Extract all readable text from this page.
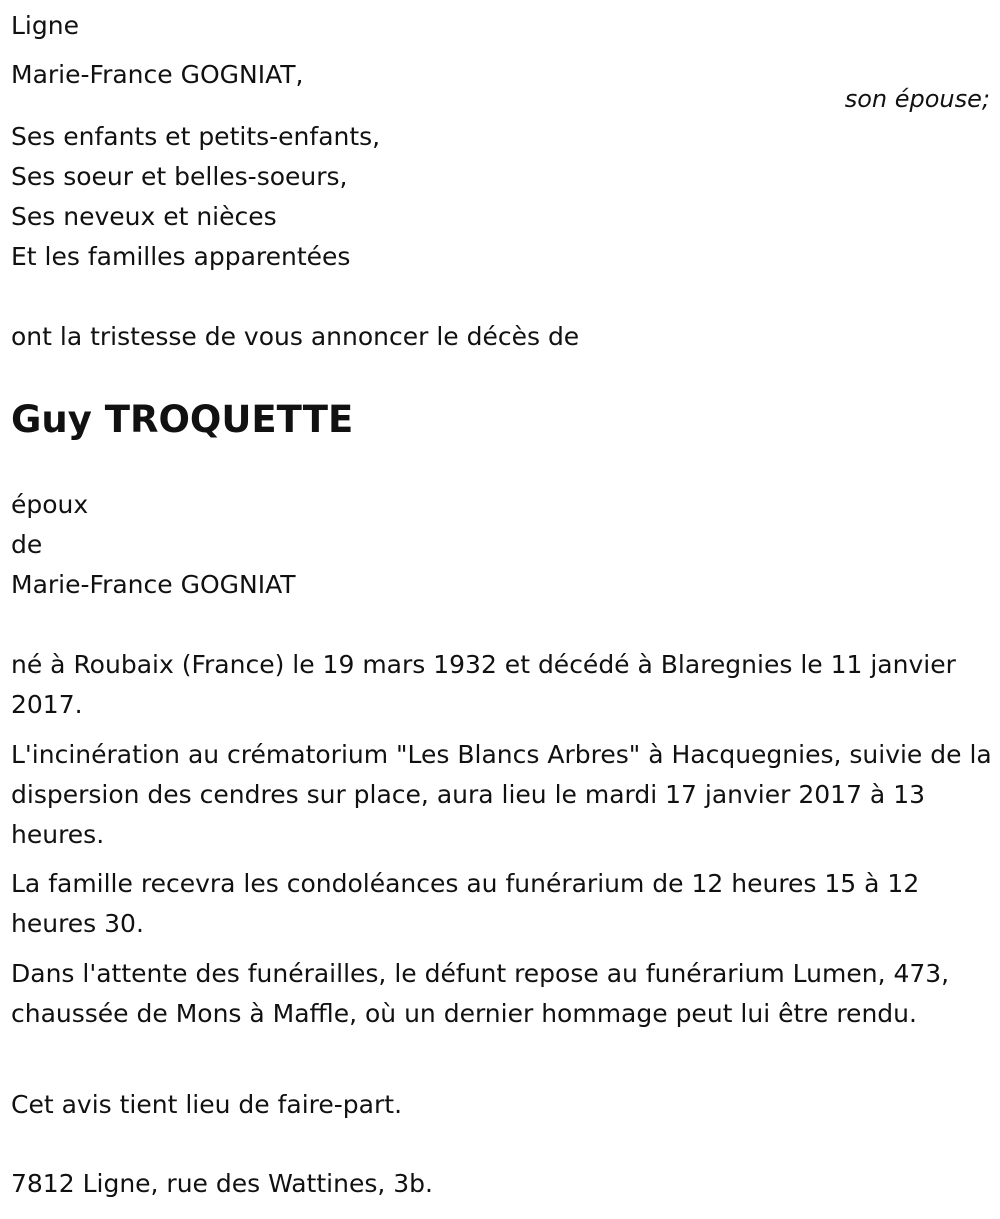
Ligne
Marie-France GOGNIAT,
son épouse;
Ses enfants et petits-enfants,
Ses soeur et belles-soeurs,
Ses neveux et nièces
Et les familles apparentées
ont la tristesse de vous annoncer le décès de
Guy TROQUETTE
époux
de
Marie-France GOGNIAT
né à Roubaix (France) le 19 mars 1932 et décédé à Blaregnies le 11 janvier 2017.
L'incinération au crématorium "Les Blancs Arbres" à Hacquegnies, suivie de la dispersion des cendres sur place, aura lieu le mardi 17 janvier 2017 à 13 heures.
La famille recevra les condoléances au funérarium de 12 heures 15 à 12 heures 30.
Dans l'attente des funérailles, le défunt repose au funérarium Lumen, 473, chaussée de Mons à Maffle, où un dernier hommage peut lui être rendu.
Cet avis tient lieu de faire-part.
7812 Ligne, rue des Wattines, 3b.
